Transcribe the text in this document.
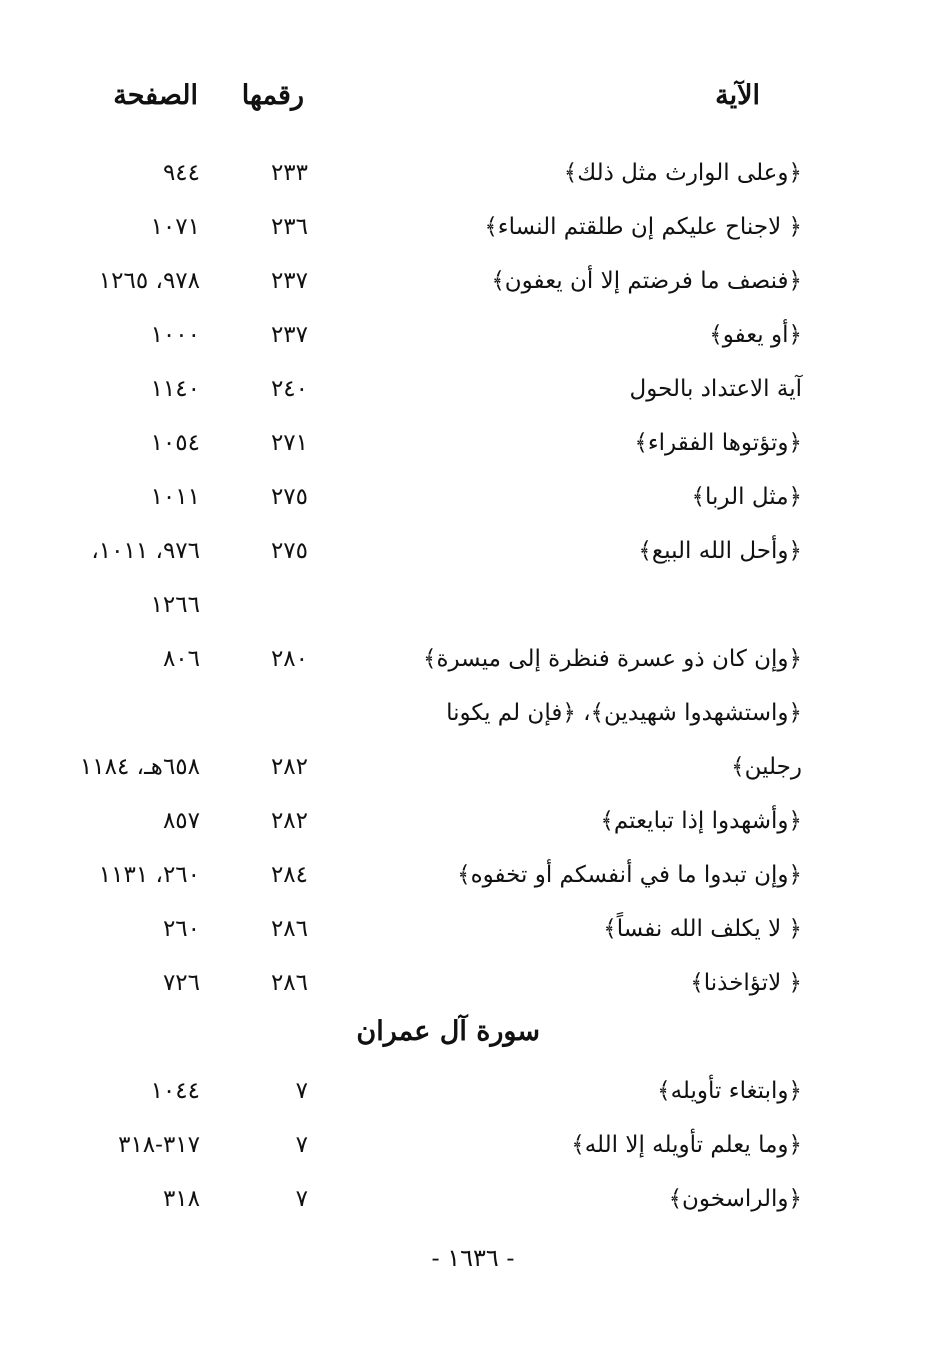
الآية
رقمها
الصفحة
﴿وعلى الوارث مثل ذلك﴾
٢٣٣
٩٤٤
﴿ لاجناح عليكم إن طلقتم النساء﴾
٢٣٦
١٠٧١
﴿فنصف ما فرضتم إلا أن يعفون﴾
٢٣٧
٩٧٨، ١٢٦٥
﴿أو يعفو﴾
٢٣٧
١٠٠٠
آية الاعتداد بالحول
٢٤٠
١١٤٠
﴿وتؤتوها الفقراء﴾
٢٧١
١٠٥٤
﴿مثل الربا﴾
٢٧٥
١٠١١
﴿وأحل الله البيع﴾
٢٧٥
٩٧٦، ١٠١١،
١٢٦٦
﴿وإن كان ذو عسرة فنظرة إلى ميسرة﴾
٢٨٠
٨٠٦
﴿واستشهدوا شهيدين﴾، ﴿فإن لم يكونا
رجلين﴾
٢٨٢
٦٥٨هـ، ١١٨٤
﴿وأشهدوا إذا تبايعتم﴾
٢٨٢
٨٥٧
﴿وإن تبدوا ما في أنفسكم أو تخفوه﴾
٢٨٤
٢٦٠، ١١٣١
﴿ لا يكلف الله نفساً﴾
٢٨٦
٢٦٠
﴿ لاتؤاخذنا﴾
٢٨٦
٧٢٦
سورة آل عمران
﴿وابتغاء تأويله﴾
٧
١٠٤٤
﴿وما يعلم تأويله إلا الله﴾
٧
٣١٧-٣١٨
﴿والراسخون﴾
٧
٣١٨
- ١٦٣٦ -
